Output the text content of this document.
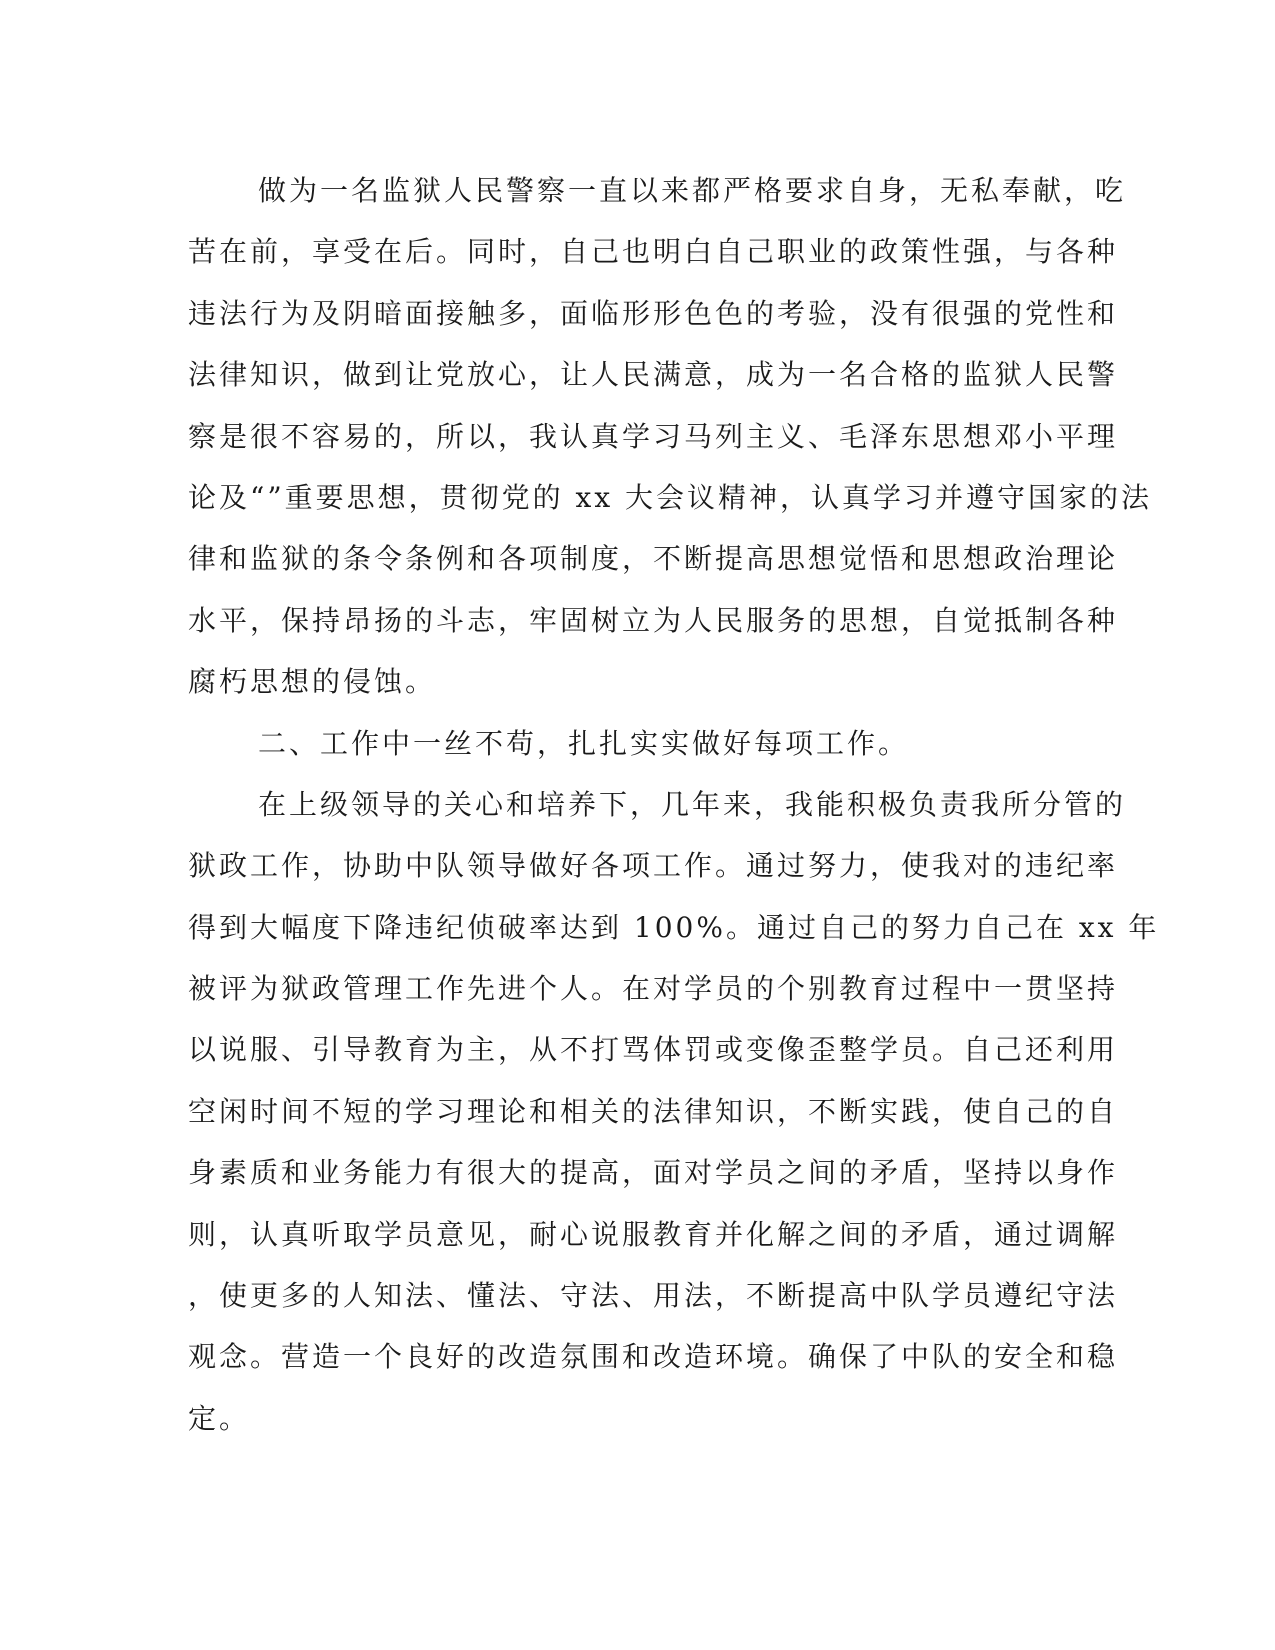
做为一名监狱人民警察一直以来都严格要求自身，无私奉献，吃
苦在前，享受在后。同时，自己也明白自己职业的政策性强，与各种
违法行为及阴暗面接触多，面临形形色色的考验，没有很强的党性和
法律知识，做到让党放心，让人民满意，成为一名合格的监狱人民警
察是很不容易的，所以，我认真学习马列主义、毛泽东思想邓小平理
论及“”重要思想，贯彻党的 xx 大会议精神，认真学习并遵守国家的法
律和监狱的条令条例和各项制度，不断提高思想觉悟和思想政治理论
水平，保持昂扬的斗志，牢固树立为人民服务的思想，自觉抵制各种
腐朽思想的侵蚀。
二、工作中一丝不苟，扎扎实实做好每项工作。
在上级领导的关心和培养下，几年来，我能积极负责我所分管的
狱政工作，协助中队领导做好各项工作。通过努力，使我对的违纪率
得到大幅度下降违纪侦破率达到 100%。通过自己的努力自己在 xx 年
被评为狱政管理工作先进个人。在对学员的个别教育过程中一贯坚持
以说服、引导教育为主，从不打骂体罚或变像歪整学员。自己还利用
空闲时间不短的学习理论和相关的法律知识，不断实践，使自己的自
身素质和业务能力有很大的提高，面对学员之间的矛盾，坚持以身作
则，认真听取学员意见，耐心说服教育并化解之间的矛盾，通过调解
，使更多的人知法、懂法、守法、用法，不断提高中队学员遵纪守法
观念。营造一个良好的改造氛围和改造环境。确保了中队的安全和稳
定。
